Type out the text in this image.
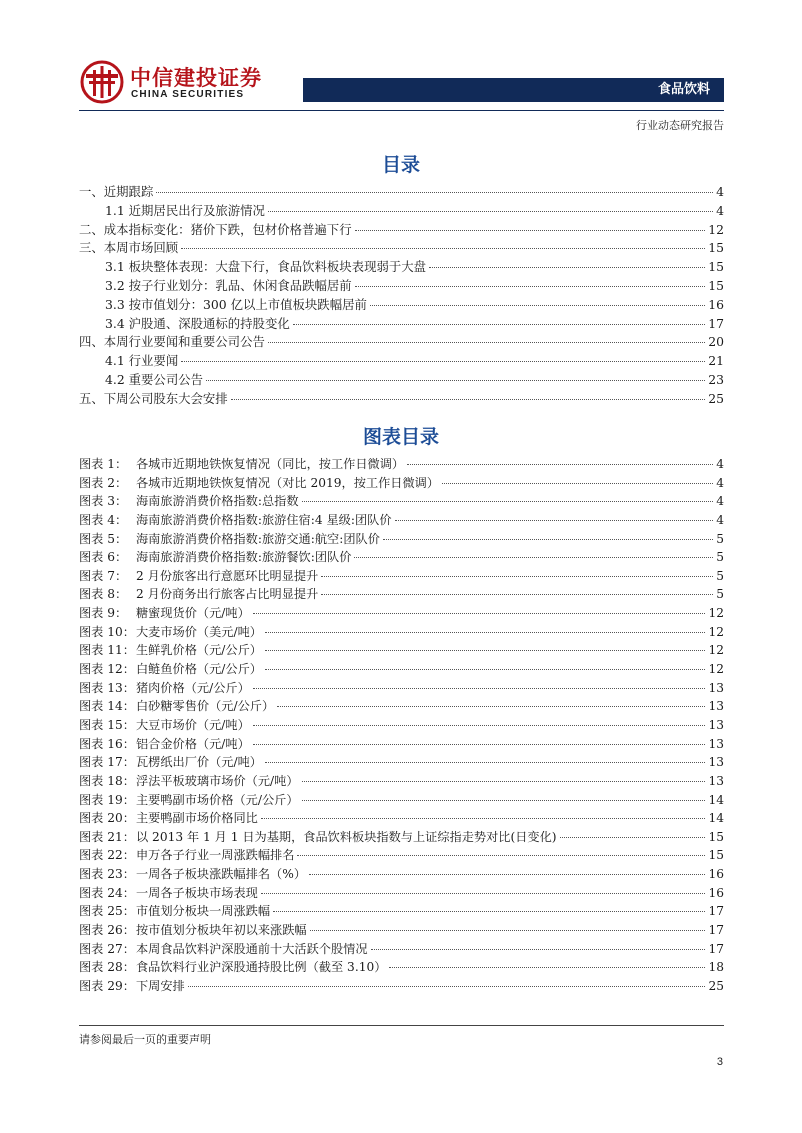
中信建投证券
CHINA SECURITIES	食品饮料
行业动态研究报告
目录
一、近期跟踪	4
1.1 近期居民出行及旅游情况	4
二、成本指标变化：猪价下跌，包材价格普遍下行	12
三、本周市场回顾	15
3.1 板块整体表现：大盘下行，食品饮料板块表现弱于大盘	15
3.2 按子行业划分：乳品、休闲食品跌幅居前	15
3.3 按市值划分：300 亿以上市值板块跌幅居前	16
3.4 沪股通、深股通标的持股变化	17
四、本周行业要闻和重要公司公告	20
4.1 行业要闻	21
4.2 重要公司公告	23
五、下周公司股东大会安排	25
图表目录
图表 1： 各城市近期地铁恢复情况（同比，按工作日微调）	4
图表 2： 各城市近期地铁恢复情况（对比 2019，按工作日微调）	4
图表 3： 海南旅游消费价格指数:总指数	4
图表 4： 海南旅游消费价格指数:旅游住宿:4 星级:团队价	4
图表 5： 海南旅游消费价格指数:旅游交通:航空:团队价	5
图表 6： 海南旅游消费价格指数:旅游餐饮:团队价	5
图表 7： 2 月份旅客出行意愿环比明显提升	5
图表 8： 2 月份商务出行旅客占比明显提升	5
图表 9： 糖蜜现货价（元/吨）	12
图表 10：大麦市场价（美元/吨）	12
图表 11：生鲜乳价格（元/公斤）	12
图表 12：白鲢鱼价格（元/公斤）	12
图表 13：猪肉价格（元/公斤）	13
图表 14：白砂糖零售价（元/公斤）	13
图表 15：大豆市场价（元/吨）	13
图表 16：铝合金价格（元/吨）	13
图表 17：瓦楞纸出厂价（元/吨）	13
图表 18：浮法平板玻璃市场价（元/吨）	13
图表 19：主要鸭副市场价格（元/公斤）	14
图表 20：主要鸭副市场价格同比	14
图表 21：以 2013 年 1 月 1 日为基期，食品饮料板块指数与上证综指走势对比(日变化)	15
图表 22：申万各子行业一周涨跌幅排名	15
图表 23：一周各子板块涨跌幅排名（%）	16
图表 24：一周各子板块市场表现	16
图表 25：市值划分板块一周涨跌幅	17
图表 26：按市值划分板块年初以来涨跌幅	17
图表 27：本周食品饮料沪深股通前十大活跃个股情况	17
图表 28：食品饮料行业沪深股通持股比例（截至 3.10）	18
图表 29：下周安排	25
请参阅最后一页的重要声明
3
